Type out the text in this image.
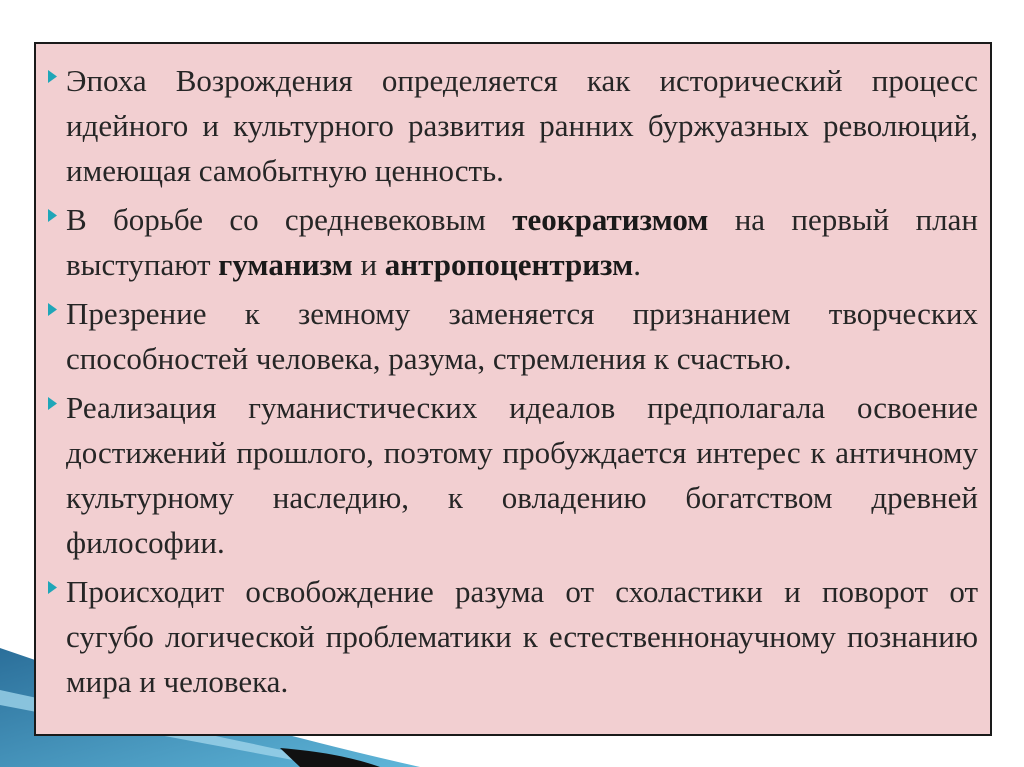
Эпоха Возрождения определяется как исторический процесс идейного и культурного развития ранних буржуазных революций, имеющая самобытную ценность.

В борьбе со средневековым теократизмом на первый план выступают гуманизм и антропоцентризм.

Презрение к земному заменяется признанием творческих способностей человека, разума, стремления к счастью.

Реализация гуманистических идеалов предполагала освоение достижений прошлого, поэтому пробуждается интерес к античному культурному наследию, к овладению богатством древней философии.

Происходит освобождение разума от схоластики и поворот от сугубо логической проблематики к естественнонаучному познанию мира и человека.
